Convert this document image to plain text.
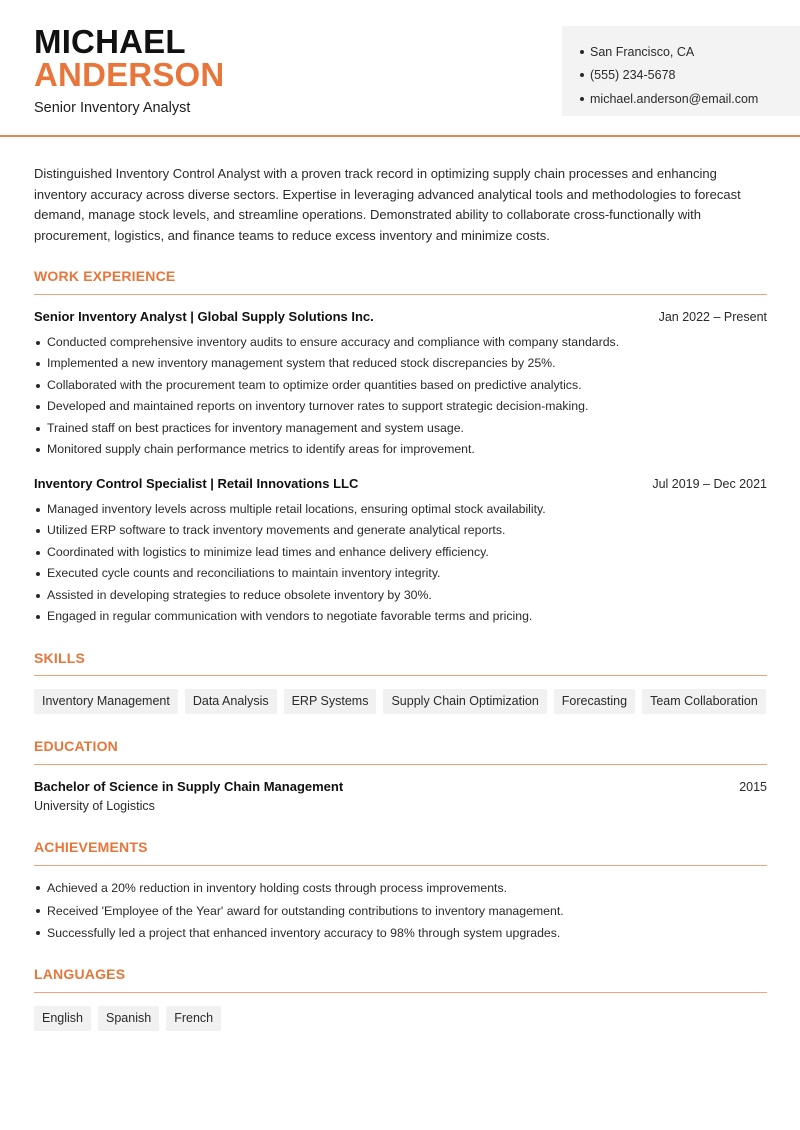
MICHAEL
ANDERSON
Senior Inventory Analyst
San Francisco, CA
(555) 234-5678
michael.anderson@email.com

Distinguished Inventory Control Analyst with a proven track record in optimizing supply chain processes and enhancing inventory accuracy across diverse sectors. Expertise in leveraging advanced analytical tools and methodologies to forecast demand, manage stock levels, and streamline operations. Demonstrated ability to collaborate cross-functionally with procurement, logistics, and finance teams to reduce excess inventory and minimize costs.

WORK EXPERIENCE
Senior Inventory Analyst | Global Supply Solutions Inc.	Jan 2022 – Present
Conducted comprehensive inventory audits to ensure accuracy and compliance with company standards.
Implemented a new inventory management system that reduced stock discrepancies by 25%.
Collaborated with the procurement team to optimize order quantities based on predictive analytics.
Developed and maintained reports on inventory turnover rates to support strategic decision-making.
Trained staff on best practices for inventory management and system usage.
Monitored supply chain performance metrics to identify areas for improvement.
Inventory Control Specialist | Retail Innovations LLC	Jul 2019 – Dec 2021
Managed inventory levels across multiple retail locations, ensuring optimal stock availability.
Utilized ERP software to track inventory movements and generate analytical reports.
Coordinated with logistics to minimize lead times and enhance delivery efficiency.
Executed cycle counts and reconciliations to maintain inventory integrity.
Assisted in developing strategies to reduce obsolete inventory by 30%.
Engaged in regular communication with vendors to negotiate favorable terms and pricing.
SKILLS
Inventory Management	Data Analysis	ERP Systems	Supply Chain Optimization	Forecasting	Team Collaboration
EDUCATION
Bachelor of Science in Supply Chain Management	2015
University of Logistics
ACHIEVEMENTS
Achieved a 20% reduction in inventory holding costs through process improvements.
Received 'Employee of the Year' award for outstanding contributions to inventory management.
Successfully led a project that enhanced inventory accuracy to 98% through system upgrades.
LANGUAGES
English	Spanish	French
